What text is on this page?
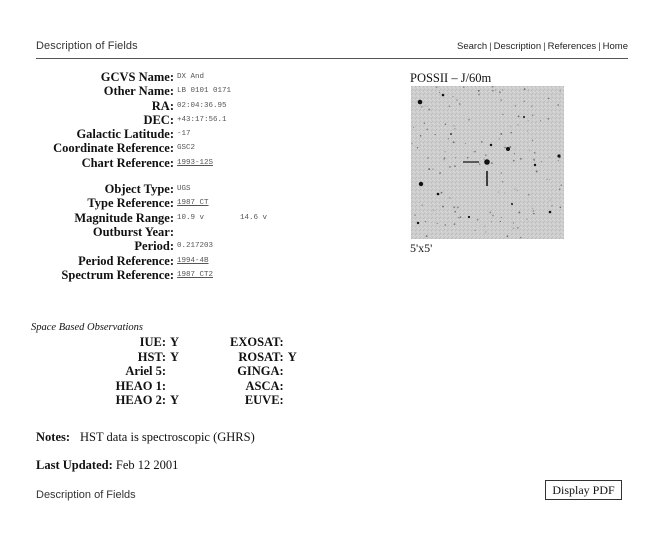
Description of Fields	Search | Description | References | Home
GCVS Name:	DX And
Other Name:	LB 0101 0171
RA:	02:04:36.95
DEC:	+43:17:56.1
Galactic Latitude:	-17
Coordinate Reference:	GSC2
Chart Reference:	1993-12S

Object Type:	UGS
Type Reference:	1987 CT
Magnitude Range:	10.9 v 14.6 v
Outburst Year:	
Period:	0.217203
Period Reference:	1994-4B
Spectrum Reference:	1987 CT2
POSSII – J/60m
5'x5'
Space Based Observations
IUE:	Y	EXOSAT:	
HST:	Y	ROSAT:	Y
Ariel 5:		GINGA:	
HEAO 1:		ASCA:	
HEAO 2:	Y	EUVE:	
Notes: HST data is spectroscopic (GHRS)
Last Updated: Feb 12 2001
Description of Fields	Display PDF
